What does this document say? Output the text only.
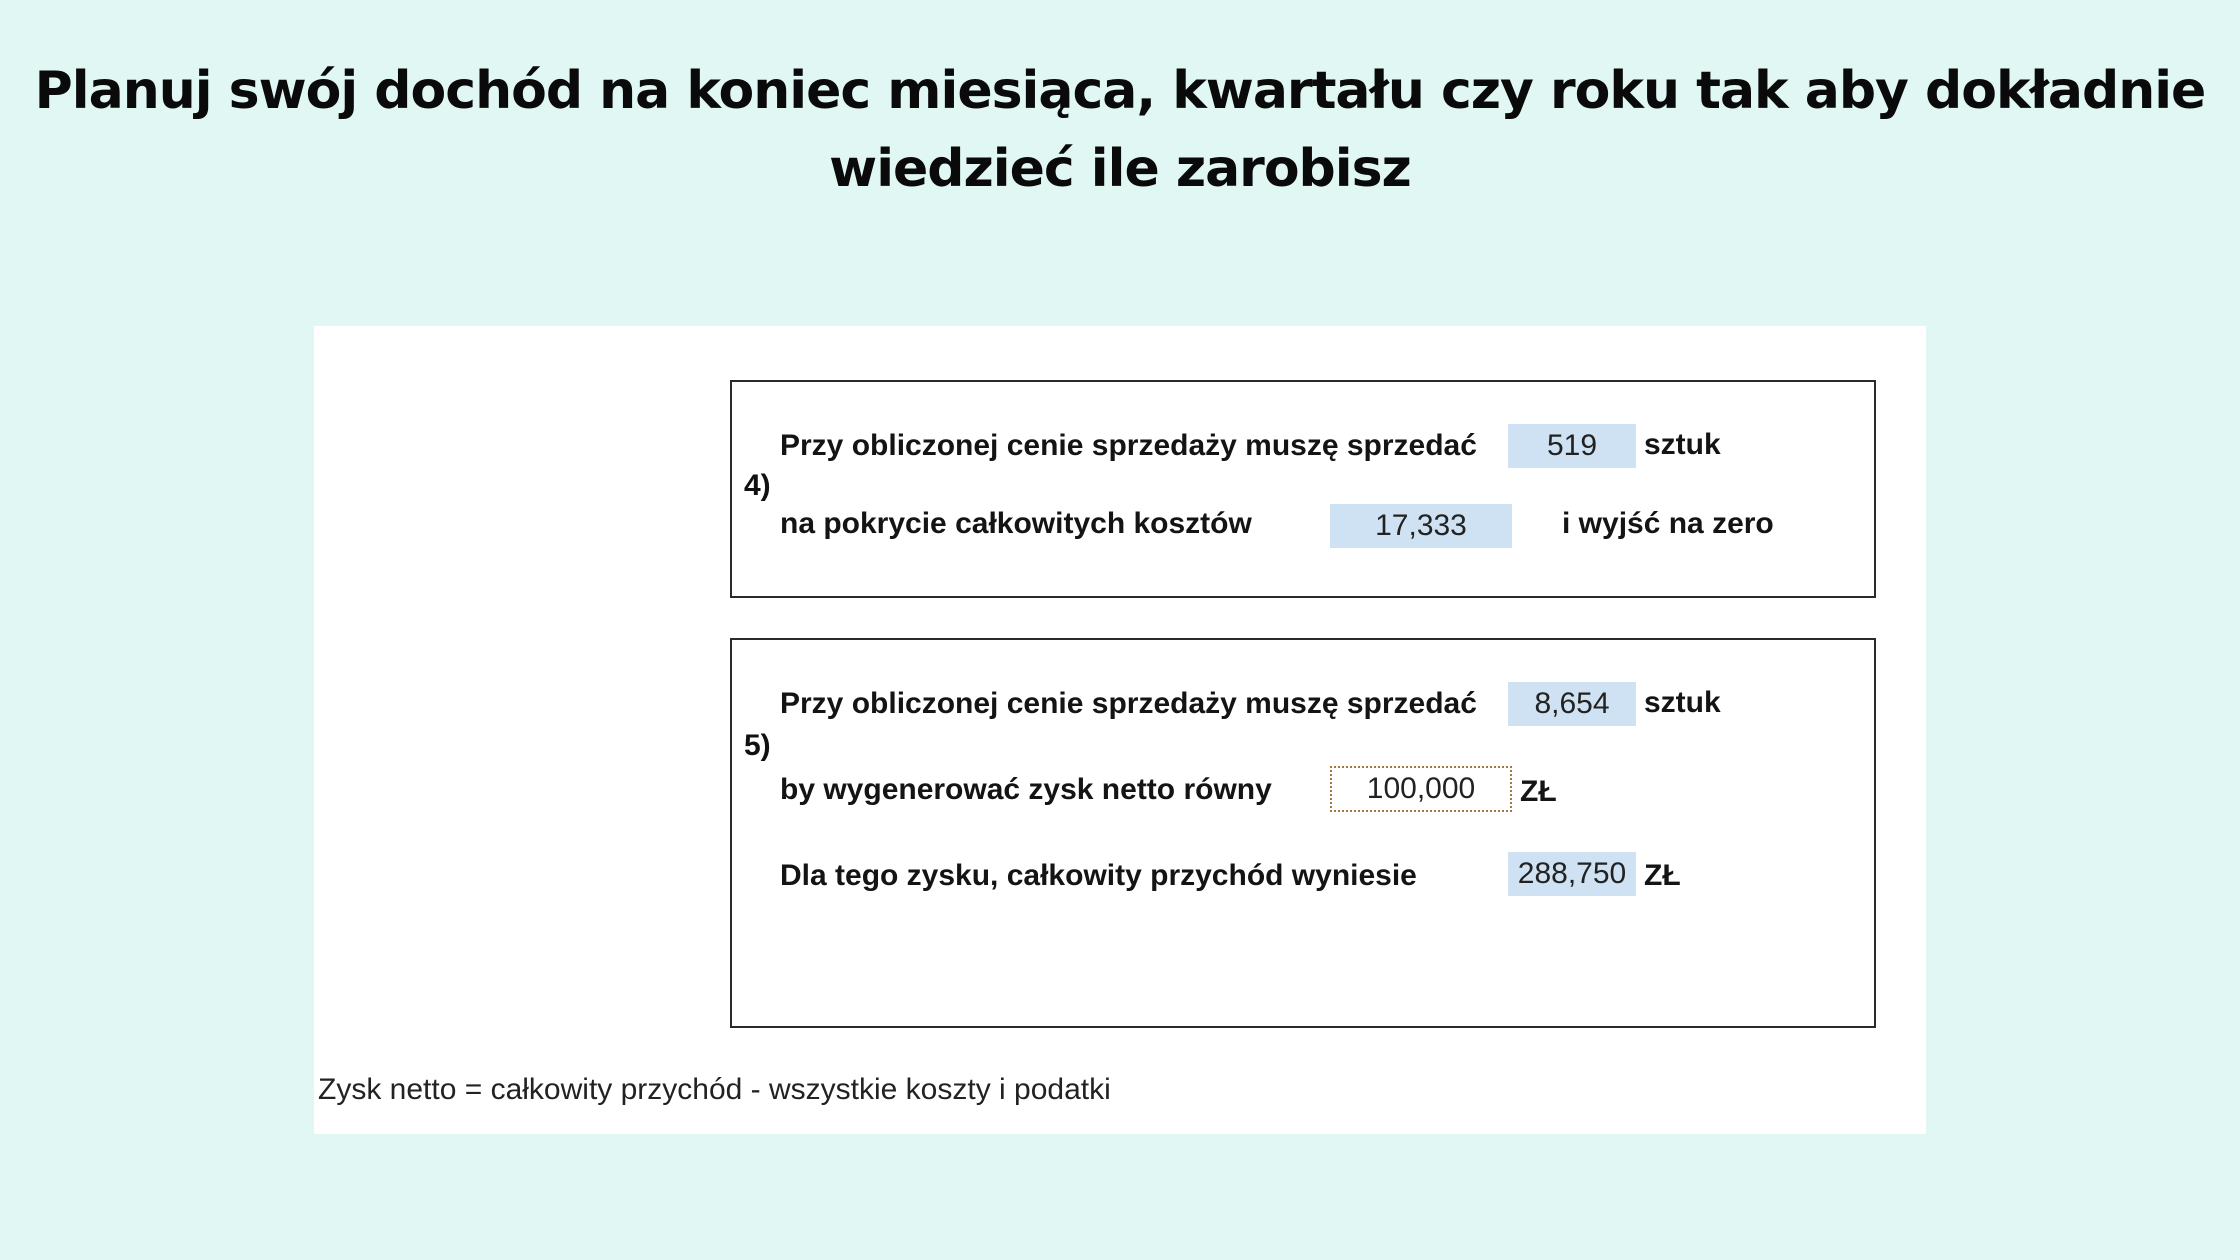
Planuj swój dochód na koniec miesiąca, kwartału czy roku tak aby dokładnie
wiedzieć ile zarobisz
4)
Przy obliczonej cenie sprzedaży muszę sprzedać	519	sztuk
na pokrycie całkowitych kosztów	17,333	i wyjść na zero
5)
Przy obliczonej cenie sprzedaży muszę sprzedać	8,654	sztuk
by wygenerować zysk netto równy	100,000	ZŁ
Dla tego zysku, całkowity przychód wyniesie	288,750 ZŁ
Zysk netto = całkowity przychód - wszystkie koszty i podatki
